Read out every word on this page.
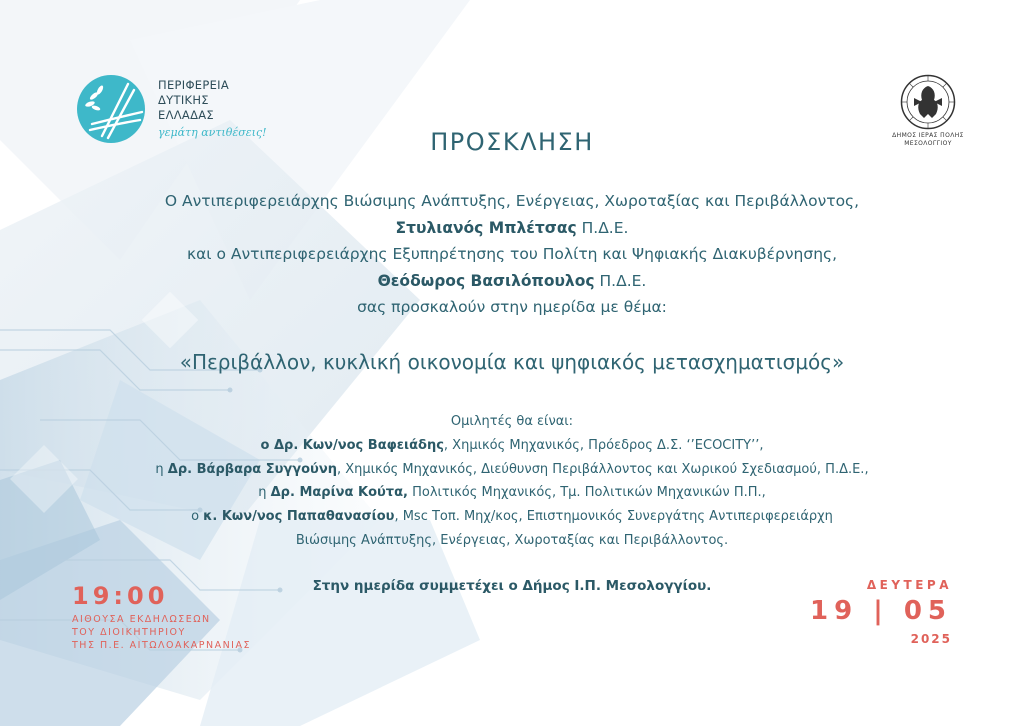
ΠΕΡΙΦΕΡΕΙΑ
ΔΥΤΙΚΗΣ
ΕΛΛΑΔΑΣ
γεμάτη αντιθέσεις!	ΔΗΜΟΣ ΙΕΡΑΣ ΠΟΛΗΣ
ΜΕΣΟΛΟΓΓΙΟΥ
ΠΡΟΣΚΛΗΣΗ
Ο Αντιπεριφερειάρχης Βιώσιμης Ανάπτυξης, Ενέργειας, Χωροταξίας και Περιβάλλοντος,
Στυλιανός Μπλέτσας Π.Δ.Ε.
και ο Αντιπεριφερειάρχης Εξυπηρέτησης του Πολίτη και Ψηφιακής Διακυβέρνησης,
Θεόδωρος Βασιλόπουλος Π.Δ.Ε.
σας προσκαλούν στην ημερίδα με θέμα:
«Περιβάλλον, κυκλική οικονομία και ψηφιακός μετασχηματισμός»
Ομιλητές θα είναι:
ο Δρ. Κων/νος Βαφειάδης, Χημικός Μηχανικός, Πρόεδρος Δ.Σ. ‘’ECOCITY’’,
η Δρ. Βάρβαρα Συγγούνη, Χημικός Μηχανικός, Διεύθυνση Περιβάλλοντος και Χωρικού Σχεδιασμού, Π.Δ.Ε.,
η Δρ. Μαρίνα Κούτα, Πολιτικός Μηχανικός, Τμ. Πολιτικών Μηχανικών Π.Π.,
ο κ. Κων/νος Παπαθανασίου, Msc Τοπ. Μηχ/κος, Επιστημονικός Συνεργάτης Αντιπεριφερειάρχη
Βιώσιμης Ανάπτυξης, Ενέργειας, Χωροταξίας και Περιβάλλοντος.
Στην ημερίδα συμμετέχει ο Δήμος Ι.Π. Μεσολογγίου.
19:00
ΑΙΘΟΥΣΑ ΕΚΔΗΛΩΣΕΩΝ
ΤΟΥ ΔΙΟΙΚΗΤΗΡΙΟΥ
ΤΗΣ Π.Ε. ΑΙΤΩΛΟΑΚΑΡΝΑΝΙΑΣ
ΔΕΥΤΕΡΑ
19 | 05
2025
